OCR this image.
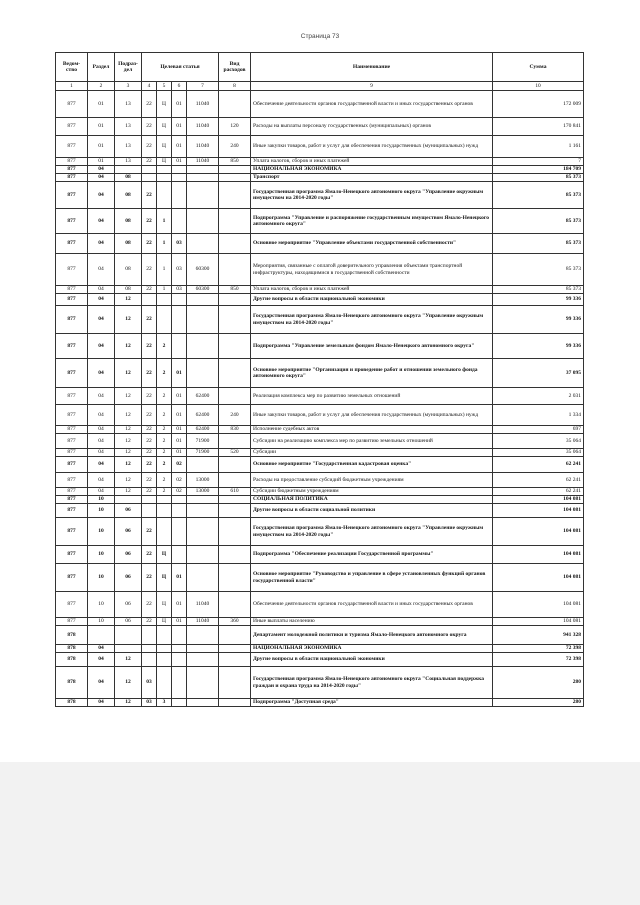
Страница 73
Ведом-
ство	Раздел	Подраз-
дел	Целевая статья				Вид
расходов	Наименование	Сумма

1	2	3	4	5	6	7	8	9	10
877	01	13	22	Ц	01	11040		Обеспечение деятельности органов государственной власти и иных государственных органов	172 009
877	01	13	22	Ц	01	11040	120	Расходы на выплаты персоналу государственных (муниципальных) органов	170 841
877	01	13	22	Ц	01	11040	240	Иные закупки товаров, работ и услуг для обеспечения государственных (муниципальных) нужд	1 161
877	01	13	22	Ц	01	11040	850	Уплата налогов, сборов и иных платежей	7
877	04							НАЦИОНАЛЬНАЯ ЭКОНОМИКА	184 709
877	04	08						Транспорт	85 373
877	04	08	22					Государственная программа Ямало-Ненецкого автономного округа "Управление окружным имуществом на 2014-2020 годы"	85 373
877	04	08	22	1				Подпрограмма "Управление и распоряжение государственным имуществом Ямало-Ненецкого автономного округа"	85 373
877	04	08	22	1	03			Основное мероприятие "Управление объектами государственной собственности"	85 373
877	04	08	22	1	03	60300		Мероприятия, связанные с оплатой доверительного управления объектами транспортной инфраструктуры, находящимися в государственной собственности	85 373
877	04	08	22	1	03	60300	850	Уплата налогов, сборов и иных платежей	85 373
877	04	12						Другие вопросы в области национальной экономики	99 336
877	04	12	22					Государственная программа Ямало-Ненецкого автономного округа "Управление окружным имуществом на 2014-2020 годы"	99 336
877	04	12	22	2				Подпрограмма "Управление земельным фондом Ямало-Ненецкого автономного округа"	99 336
877	04	12	22	2	01			Основное мероприятие "Организация и проведение работ и отношении земельного фонда автономного округа"	37 095
877	04	12	22	2	01	62400		Реализация комплекса мер по развитию земельных отношений	2 031
877	04	12	22	2	01	62400	240	Иные закупки товаров, работ и услуг для обеспечения государственных (муниципальных) нужд	1 334
877	04	12	22	2	01	62400	830	Исполнение судебных актов	697
877	04	12	22	2	01	71900		Субсидии на реализацию комплекса мер по развитию земельных отношений	35 064
877	04	12	22	2	01	71900	520	Субсидии	35 064
877	04	12	22	2	02			Основное мероприятие "Государственная кадастровая оценка"	62 241
877	04	12	22	2	02	13000		Расходы на предоставление субсидий бюджетным учреждениям	62 241
877	04	12	22	2	02	13000	610	Субсидии бюджетным учреждениям	62 241
877	10							СОЦИАЛЬНАЯ ПОЛИТИКА	104 081
877	10	06						Другие вопросы в области социальной политики	104 081
877	10	06	22					Государственная программа Ямало-Ненецкого автономного округа "Управление окружным имуществом на 2014-2020 годы"	104 081
877	10	06	22	Ц				Подпрограмма "Обеспечение реализации Государственной программы"	104 081
877	10	06	22	Ц	01			Основное мероприятие "Руководство и управление в сфере установленных функций органов государственной власти"	104 081
877	10	06	22	Ц	01	11040		Обеспечение деятельности органов государственной власти и иных государственных органов	104 081
877	10	06	22	Ц	01	11040	360	Иные выплаты населению	104 081
878								Департамент молодежной политики и туризма Ямало-Ненецкого автономного округа	941 328
878	04							НАЦИОНАЛЬНАЯ ЭКОНОМИКА	72 398
878	04	12						Другие вопросы в области национальной экономики	72 398
878	04	12	03					Государственная программа Ямало-Ненецкого автономного округа "Социальная поддержка граждан и охрана труда на 2014-2020 годы"	280
878	04	12	03	3				Подпрограмма "Доступная среда"	280
